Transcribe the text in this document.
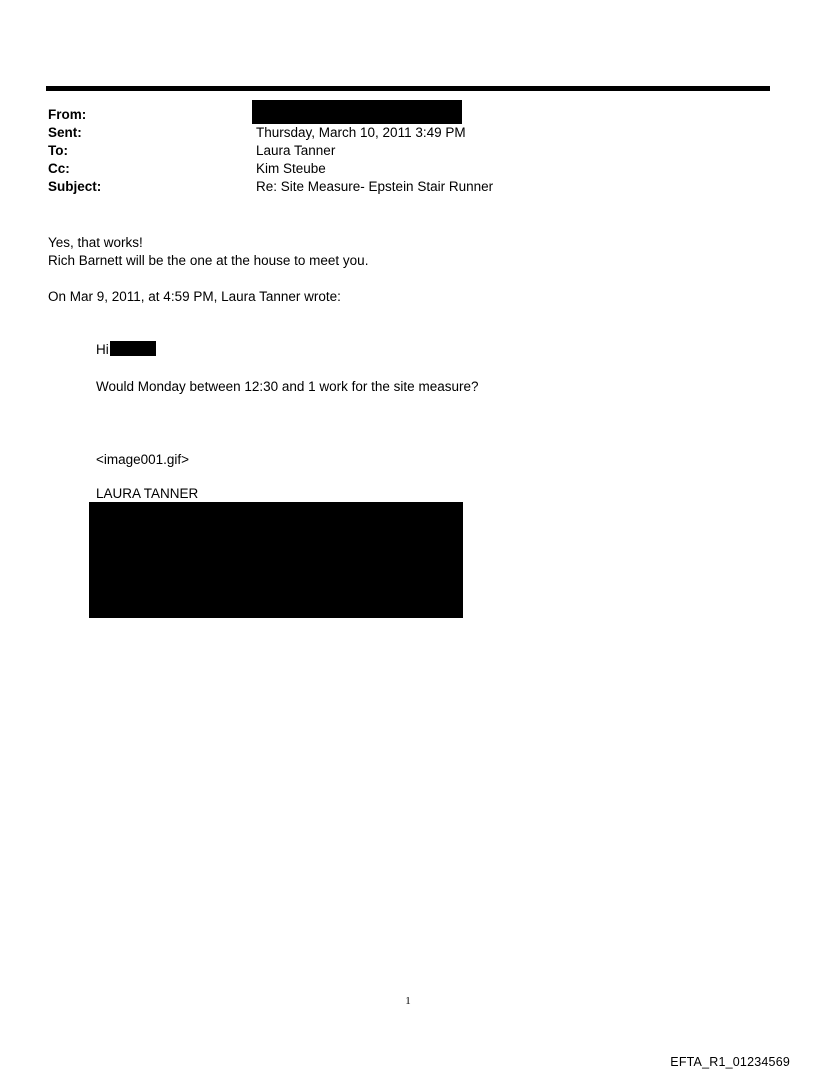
From:
Sent:	Thursday, March 10, 2011 3:49 PM
To:	Laura Tanner
Cc:	Kim Steube
Subject:	Re: Site Measure- Epstein Stair Runner
Yes, that works!
Rich Barnett will be the one at the house to meet you.
On Mar 9, 2011, at 4:59 PM, Laura Tanner wrote:
Hi
Would Monday between 12:30 and 1 work for the site measure?
<image001.gif>
LAURA TANNER
1
EFTA_R1_01234569
